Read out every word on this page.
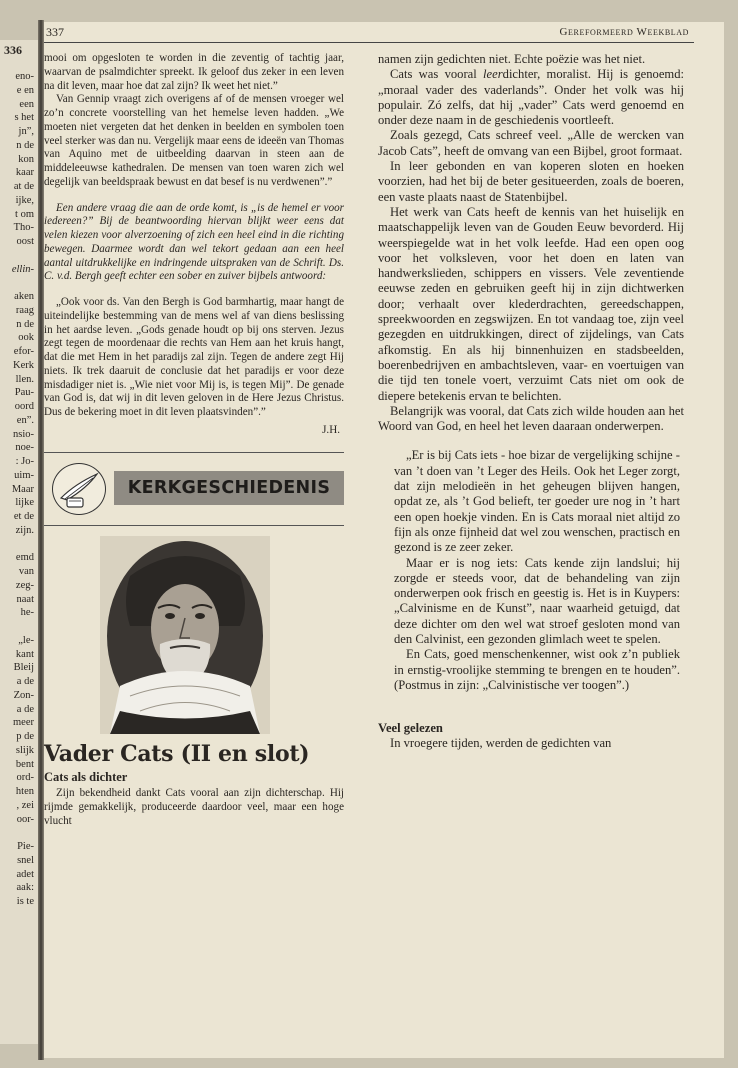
336
eno-
e en
een
s het
jn”,
n de
kon
kaar
at de
ijke,
t om
Tho-
oost
ellin-
aken
raag
n de
ook
efor-
Kerk
llen.
Pau-
oord
en”.
nsio-
noe-
: Jo-
uim-
Maar
lijke
et de
zijn.
emd
van
zeg-
naat
he-
„le-
kant
Bleij
a de
Zon-
a de
meer
p de
slijk
bent
ord-
hten
, zei
oor-
Pie-
snel
adet
aak:
is te
337	Gereformeerd Weekblad

mooi om opgesloten te worden in die zeventig of tachtig jaar, waarvan de psalmdichter spreekt. Ik geloof dus zeker in een leven na dit leven, maar hoe dat zal zijn? Ik weet het niet.”

Van Gennip vraagt zich overigens af of de mensen vroeger wel zo’n concrete voorstelling van het hemelse leven hadden. „We moeten niet vergeten dat het denken in beelden en symbolen toen veel sterker was dan nu. Vergelijk maar eens de ideeën van Thomas van Aquino met de uitbeelding daarvan in steen aan de middeleeuwse kathedralen. De mensen van toen waren zich wel degelijk van beeldspraak bewust en dat besef is nu verdwenen”.”

Een andere vraag die aan de orde komt, is „is de hemel er voor iedereen?” Bij de beantwoording hiervan blijkt weer eens dat velen kiezen voor alverzoening of zich een heel eind in die richting bewegen. Daarmee wordt dan wel tekort gedaan aan een heel aantal uitdrukkelijke en indringende uitspraken van de Schrift. Ds. C. v.d. Bergh geeft echter een sober en zuiver bijbels antwoord:

„Ook voor ds. Van den Bergh is God barmhartig, maar hangt de uiteindelijke bestemming van de mens wel af van diens beslissing in het aardse leven. „Gods genade houdt op bij ons sterven. Jezus zegt tegen de moordenaar die rechts van Hem aan het kruis hangt, dat die met Hem in het paradijs zal zijn. Tegen de andere zegt Hij niets. Ik trek daaruit de conclusie dat het paradijs er voor deze misdadiger niet is. „Wie niet voor Mij is, is tegen Mij”. De genade van God is, dat wij in dit leven geloven in de Here Jezus Christus. Dus de bekering moet in dit leven plaatsvinden”.”

J.H.

KERKGESCHIEDENIS
Vader Cats (II en slot)
Cats als dichter

Zijn bekendheid dankt Cats vooral aan zijn dichterschap. Hij rijmde gemakkelijk, produceerde daardoor veel, maar een hoge vlucht

namen zijn gedichten niet. Echte poëzie was het niet.

Cats was vooral leerdichter, moralist. Hij is genoemd: „moraal vader des vaderlands”. Onder het volk was hij populair. Zó zelfs, dat hij „vader” Cats werd genoemd en onder deze naam in de geschiedenis voortleeft.

Zoals gezegd, Cats schreef veel. „Alle de wercken van Jacob Cats”, heeft de omvang van een Bijbel, groot formaat.

In leer gebonden en van koperen sloten en hoeken voorzien, had het bij de beter gesitueerden, zoals de boeren, een vaste plaats naast de Statenbijbel.

Het werk van Cats heeft de kennis van het huiselijk en maatschappelijk leven van de Gouden Eeuw bevorderd. Hij weerspiegelde wat in het volk leefde. Had een open oog voor het volksleven, voor het doen en laten van handwerkslieden, schippers en vissers. Vele zeventiende eeuwse zeden en gebruiken geeft hij in zijn dichtwerken door; verhaalt over klederdrachten, gereedschappen, spreekwoorden en zegswijzen. En tot vandaag toe, zijn veel gezegden en uitdrukkingen, direct of zijdelings, van Cats afkomstig. En als hij binnenhuizen en stadsbeelden, boerenbedrijven en ambachtsleven, vaar- en voertuigen van die tijd ten tonele voert, verzuimt Cats niet om ook de diepere betekenis ervan te belichten.

Belangrijk was vooral, dat Cats zich wilde houden aan het Woord van God, en heel het leven daaraan onderwerpen.

„Er is bij Cats iets - hoe bizar de vergelijking schijne - van ’t doen van ’t Leger des Heils. Ook het Leger zorgt, dat zijn melodieën in het geheugen blijven hangen, opdat ze, als ’t God belieft, ter goeder ure nog in ’t hart een open hoekje vinden. En is Cats moraal niet altijd zo fijn als onze fijnheid dat wel zou wenschen, practisch en gezond is ze zeer zeker.

Maar er is nog iets: Cats kende zijn landslui; hij zorgde er steeds voor, dat de behandeling van zijn onderwerpen ook frisch en geestig is. Het is in Kuypers: „Calvinisme en de Kunst”, naar waarheid getuigd, dat deze dichter om den wel wat stroef gesloten mond van den Calvinist, een gezonden glimlach weet te spelen.

En Cats, goed menschenkenner, wist ook z’n publiek in ernstig-vroolijke stemming te brengen en te houden”. (Postmus in zijn: „Calvinistische ver toogen”.)

Veel gelezen

In vroegere tijden, werden de gedichten van
